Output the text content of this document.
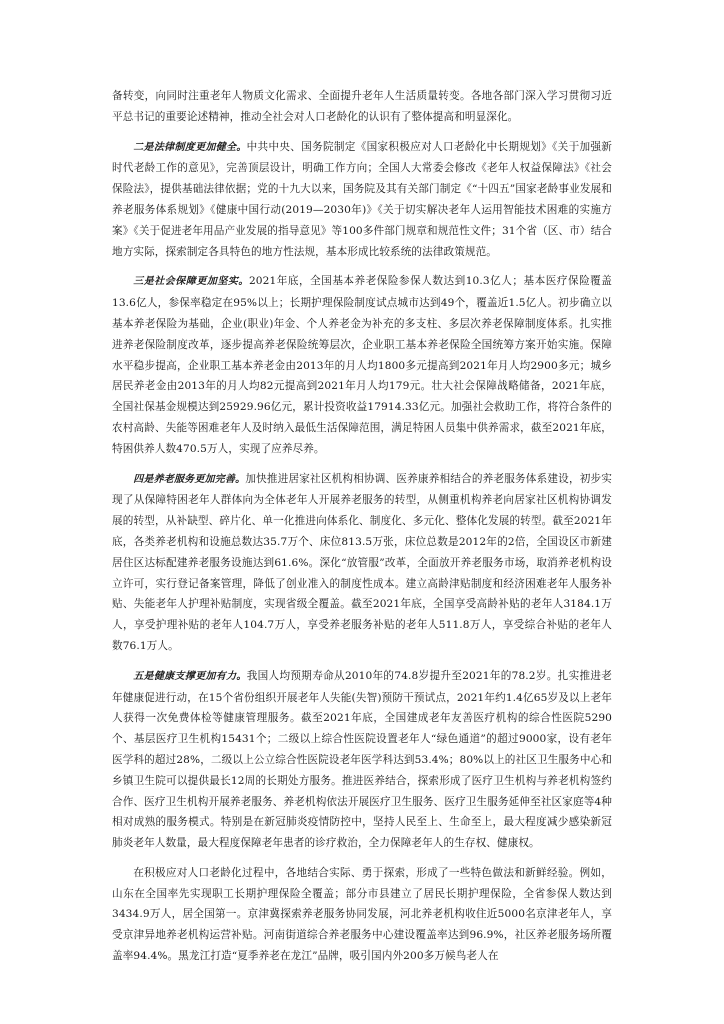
备转变，向同时注重老年人物质文化需求、全面提升老年人生活质量转变。各地各部门深入学习贯彻习近平总书记的重要论述精神，推动全社会对人口老龄化的认识有了整体提高和明显深化。

二是法律制度更加健全。中共中央、国务院制定《国家积极应对人口老龄化中长期规划》《关于加强新时代老龄工作的意见》，完善顶层设计，明确工作方向；全国人大常委会修改《老年人权益保障法》《社会保险法》，提供基础法律依据；党的十九大以来，国务院及其有关部门制定《“十四五”国家老龄事业发展和养老服务体系规划》《健康中国行动(2019—2030年)》《关于切实解决老年人运用智能技术困难的实施方案》《关于促进老年用品产业发展的指导意见》等100多件部门规章和规范性文件；31个省（区、市）结合地方实际，探索制定各具特色的地方性法规，基本形成比较系统的法律政策规范。

三是社会保障更加坚实。2021年底，全国基本养老保险参保人数达到10.3亿人；基本医疗保险覆盖13.6亿人，参保率稳定在95%以上；长期护理保险制度试点城市达到49个，覆盖近1.5亿人。初步确立以基本养老保险为基础，企业(职业)年金、个人养老金为补充的多支柱、多层次养老保障制度体系。扎实推进养老保险制度改革，逐步提高养老保险统筹层次，企业职工基本养老保险全国统筹方案开始实施。保障水平稳步提高，企业职工基本养老金由2013年的月人均1800多元提高到2021年月人均2900多元；城乡居民养老金由2013年的月人均82元提高到2021年月人均179元。壮大社会保障战略储备，2021年底，全国社保基金规模达到25929.96亿元，累计投资收益17914.33亿元。加强社会救助工作，将符合条件的农村高龄、失能等困难老年人及时纳入最低生活保障范围，满足特困人员集中供养需求，截至2021年底，特困供养人数470.5万人，实现了应养尽养。

四是养老服务更加完善。加快推进居家社区机构相协调、医养康养相结合的养老服务体系建设，初步实现了从保障特困老年人群体向为全体老年人开展养老服务的转型，从侧重机构养老向居家社区机构协调发展的转型，从补缺型、碎片化、单一化推进向体系化、制度化、多元化、整体化发展的转型。截至2021年底，各类养老机构和设施总数达35.7万个、床位813.5万张，床位总数是2012年的2倍，全国设区市新建居住区达标配建养老服务设施达到61.6%。深化“放管服”改革，全面放开养老服务市场，取消养老机构设立许可，实行登记备案管理，降低了创业准入的制度性成本。建立高龄津贴制度和经济困难老年人服务补贴、失能老年人护理补贴制度，实现省级全覆盖。截至2021年底，全国享受高龄补贴的老年人3184.1万人，享受护理补贴的老年人104.7万人，享受养老服务补贴的老年人511.8万人，享受综合补贴的老年人数76.1万人。

五是健康支撑更加有力。我国人均预期寿命从2010年的74.8岁提升至2021年的78.2岁。扎实推进老年健康促进行动，在15个省份组织开展老年人失能(失智)预防干预试点，2021年约1.4亿65岁及以上老年人获得一次免费体检等健康管理服务。截至2021年底，全国建成老年友善医疗机构的综合性医院5290个、基层医疗卫生机构15431个；二级以上综合性医院设置老年人“绿色通道”的超过9000家，设有老年医学科的超过28%，二级以上公立综合性医院设老年医学科达到53.4%；80%以上的社区卫生服务中心和乡镇卫生院可以提供最长12周的长期处方服务。推进医养结合，探索形成了医疗卫生机构与养老机构签约合作、医疗卫生机构开展养老服务、养老机构依法开展医疗卫生服务、医疗卫生服务延伸至社区家庭等4种相对成熟的服务模式。特别是在新冠肺炎疫情防控中，坚持人民至上、生命至上，最大程度减少感染新冠肺炎老年人数量，最大程度保障老年患者的诊疗救治，全力保障老年人的生存权、健康权。

在积极应对人口老龄化过程中，各地结合实际、勇于探索，形成了一些特色做法和新鲜经验。例如，山东在全国率先实现职工长期护理保险全覆盖；部分市县建立了居民长期护理保险，全省参保人数达到3434.9万人，居全国第一。京津冀探索养老服务协同发展，河北养老机构收住近5000名京津老年人，享受京津异地养老机构运营补贴。河南街道综合养老服务中心建设覆盖率达到96.9%，社区养老服务场所覆盖率94.4%。黑龙江打造“夏季养老在龙江”品牌，吸引国内外200多万候鸟老人在
